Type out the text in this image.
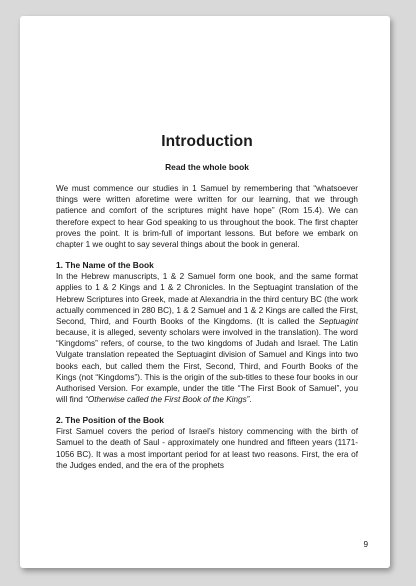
Introduction
Read the whole book

We must commence our studies in 1 Samuel by remembering that “whatsoever things were written aforetime were written for our learning, that we through patience and comfort of the scriptures might have hope” (Rom 15.4). We can therefore expect to hear God speaking to us throughout the book. The first chapter proves the point. It is brim-full of important lessons. But before we embark on chapter 1 we ought to say several things about the book in general.

1. The Name of the Book

In the Hebrew manuscripts, 1 & 2 Samuel form one book, and the same format applies to 1 & 2 Kings and 1 & 2 Chronicles. In the Septuagint translation of the Hebrew Scriptures into Greek, made at Alexandria in the third century BC (the work actually commenced in 280 BC), 1 & 2 Samuel and 1 & 2 Kings are called the First, Second, Third, and Fourth Books of the Kingdoms. (It is called the Septuagint because, it is alleged, seventy scholars were involved in the translation). The word “Kingdoms” refers, of course, to the two kingdoms of Judah and Israel. The Latin Vulgate translation repeated the Septuagint division of Samuel and Kings into two books each, but called them the First, Second, Third, and Fourth Books of the Kings (not “Kingdoms”). This is the origin of the sub-titles to these four books in our Authorised Version. For example, under the title “The First Book of Samuel”, you will find “Otherwise called the First Book of the Kings”.

2. The Position of the Book

First Samuel covers the period of Israel’s history commencing with the birth of Samuel to the death of Saul - approximately one hundred and fifteen years (1171-1056 BC). It was a most important period for at least two reasons. First, the era of the Judges ended, and the era of the prophets

9
